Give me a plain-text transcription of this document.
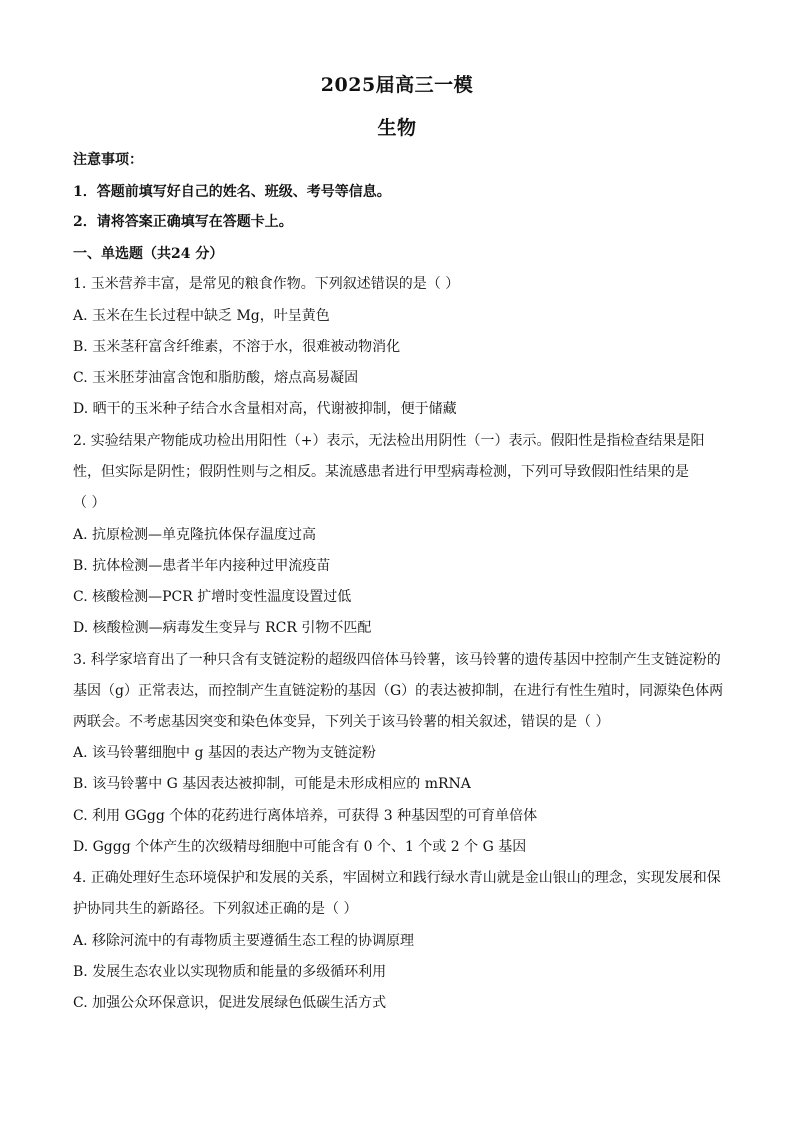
2025届高三一模
生物
注意事项：
1．答题前填写好自己的姓名、班级、考号等信息。
2．请将答案正确填写在答题卡上。
一、单选题（共24 分）
1. 玉米营养丰富，是常见的粮食作物。下列叙述错误的是（ ）
A. 玉米在生长过程中缺乏 Mg，叶呈黄色
B. 玉米茎秆富含纤维素，不溶于水，很难被动物消化
C. 玉米胚芽油富含饱和脂肪酸，熔点高易凝固
D. 晒干的玉米种子结合水含量相对高，代谢被抑制，便于储藏
2. 实验结果产物能成功检出用阳性（+）表示，无法检出用阴性（一）表示。假阳性是指检查结果是阳
性，但实际是阴性；假阴性则与之相反。某流感患者进行甲型病毒检测，下列可导致假阳性结果的是
（ ）
A. 抗原检测—单克隆抗体保存温度过高
B. 抗体检测—患者半年内接种过甲流疫苗
C. 核酸检测—PCR 扩增时变性温度设置过低
D. 核酸检测—病毒发生变异与 RCR 引物不匹配
3. 科学家培育出了一种只含有支链淀粉的超级四倍体马铃薯，该马铃薯的遗传基因中控制产生支链淀粉的
基因（g）正常表达，而控制产生直链淀粉的基因（G）的表达被抑制，在进行有性生殖时，同源染色体两
两联会。不考虑基因突变和染色体变异，下列关于该马铃薯的相关叙述，错误的是（ ）
A. 该马铃薯细胞中 g 基因的表达产物为支链淀粉
B. 该马铃薯中 G 基因表达被抑制，可能是未形成相应的 mRNA
C. 利用 GGgg 个体的花药进行离体培养，可获得 3 种基因型的可育单倍体
D. Gggg 个体产生的次级精母细胞中可能含有 0 个、1 个或 2 个 G 基因
4. 正确处理好生态环境保护和发展的关系，牢固树立和践行绿水青山就是金山银山的理念，实现发展和保
护协同共生的新路径。下列叙述正确的是（ ）
A. 移除河流中的有毒物质主要遵循生态工程的协调原理
B. 发展生态农业以实现物质和能量的多级循环利用
C. 加强公众环保意识，促进发展绿色低碳生活方式
